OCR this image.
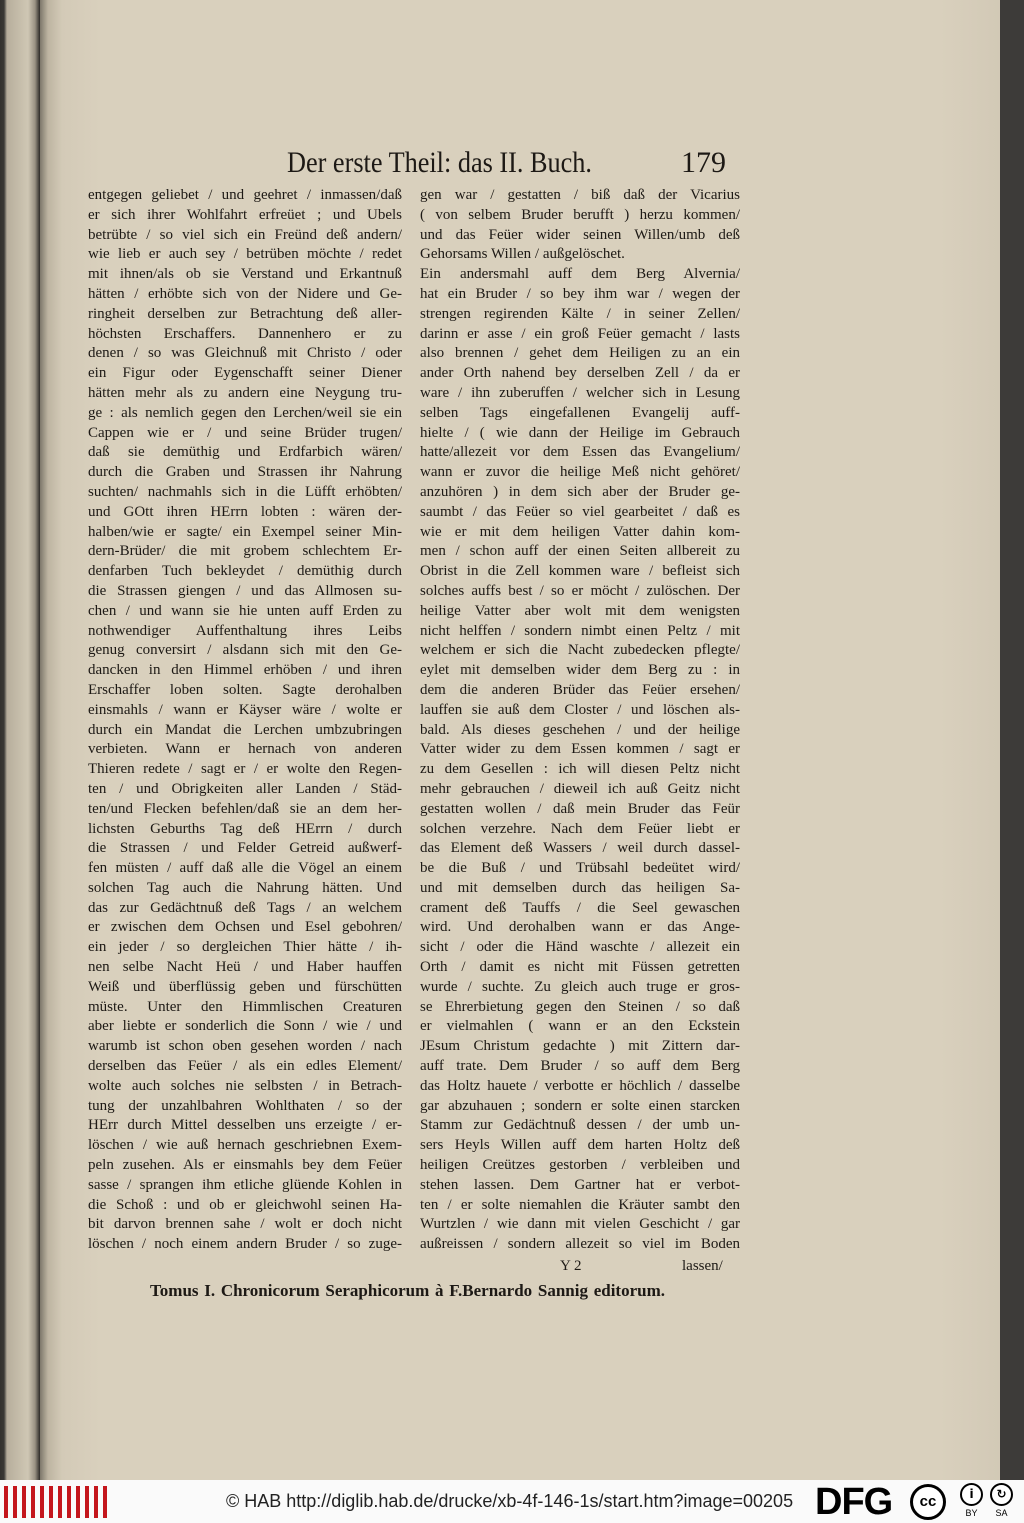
Der erste Theil: das II. Buch.	179
entgegen geliebet / und geehret / inmassen/daß
er sich ihrer Wohlfahrt erfreüet ; und Ubels
betrübte / so viel sich ein Freünd deß andern/
wie lieb er auch sey / betrüben möchte / redet
mit ihnen/als ob sie Verstand und Erkantnuß
hätten / erhöbte sich von der Nidere und Ge-
ringheit derselben zur Betrachtung deß aller-
höchsten Erschaffers. Dannenhero er zu
denen / so was Gleichnuß mit Christo / oder
ein Figur oder Eygenschafft seiner Diener
hätten mehr als zu andern eine Neygung tru-
ge : als nemlich gegen den Lerchen/weil sie ein
Cappen wie er / und seine Brüder trugen/
daß sie demüthig und Erdfarbich wären/
durch die Graben und Strassen ihr Nahrung
suchten/ nachmahls sich in die Lüfft erhöbten/
und GOtt ihren HErrn lobten : wären der-
halben/wie er sagte/ ein Exempel seiner Min-
dern-Brüder/ die mit grobem schlechtem Er-
denfarben Tuch bekleydet / demüthig durch
die Strassen giengen / und das Allmosen su-
chen / und wann sie hie unten auff Erden zu
nothwendiger Auffenthaltung ihres Leibs
genug conversirt / alsdann sich mit den Ge-
dancken in den Himmel erhöben / und ihren
Erschaffer loben solten. Sagte derohalben
einsmahls / wann er Käyser wäre / wolte er
durch ein Mandat die Lerchen umbzubringen
verbieten. Wann er hernach von anderen
Thieren redete / sagt er / er wolte den Regen-
ten / und Obrigkeiten aller Landen / Städ-
ten/und Flecken befehlen/daß sie an dem her-
lichsten Geburths Tag deß HErrn / durch
die Strassen / und Felder Getreid außwerf-
fen müsten / auff daß alle die Vögel an einem
solchen Tag auch die Nahrung hätten. Und
das zur Gedächtnuß deß Tags / an welchem
er zwischen dem Ochsen und Esel gebohren/
ein jeder / so dergleichen Thier hätte / ih-
nen selbe Nacht Heü / und Haber hauffen
Weiß und überflüssig geben und fürschütten
müste. Unter den Himmlischen Creaturen
aber liebte er sonderlich die Sonn / wie / und
warumb ist schon oben gesehen worden / nach
derselben das Feüer / als ein edles Element/
wolte auch solches nie selbsten / in Betrach-
tung der unzahlbahren Wohlthaten / so der
HErr durch Mittel desselben uns erzeigte / er-
löschen / wie auß hernach geschriebnen Exem-
peln zusehen. Als er einsmahls bey dem Feüer
sasse / sprangen ihm etliche glüende Kohlen in
die Schoß : und ob er gleichwohl seinen Ha-
bit darvon brennen sahe / wolt er doch nicht
löschen / noch einem andern Bruder / so zuge-
gen war / gestatten / biß daß der Vicarius
( von selbem Bruder berufft ) herzu kommen/
und das Feüer wider seinen Willen/umb deß
Gehorsams Willen / außgelöschet.
Ein andersmahl auff dem Berg Alvernia/
hat ein Bruder / so bey ihm war / wegen der
strengen regirenden Kälte / in seiner Zellen/
darinn er asse / ein groß Feüer gemacht / lasts
also brennen / gehet dem Heiligen zu an ein
ander Orth nahend bey derselben Zell / da er
ware / ihn zuberuffen / welcher sich in Lesung
selben Tags eingefallenen Evangelij auff-
hielte / ( wie dann der Heilige im Gebrauch
hatte/allezeit vor dem Essen das Evangelium/
wann er zuvor die heilige Meß nicht gehöret/
anzuhören ) in dem sich aber der Bruder ge-
saumbt / das Feüer so viel gearbeitet / daß es
wie er mit dem heiligen Vatter dahin kom-
men / schon auff der einen Seiten allbereit zu
Obrist in die Zell kommen ware / befleist sich
solches auffs best / so er möcht / zulöschen. Der
heilige Vatter aber wolt mit dem wenigsten
nicht helffen / sondern nimbt einen Peltz / mit
welchem er sich die Nacht zubedecken pflegte/
eylet mit demselben wider dem Berg zu : in
dem die anderen Brüder das Feüer ersehen/
lauffen sie auß dem Closter / und löschen als-
bald. Als dieses geschehen / und der heilige
Vatter wider zu dem Essen kommen / sagt er
zu dem Gesellen : ich will diesen Peltz nicht
mehr gebrauchen / dieweil ich auß Geitz nicht
gestatten wollen / daß mein Bruder das Feür
solchen verzehre. Nach dem Feüer liebt er
das Element deß Wassers / weil durch dassel-
be die Buß / und Trübsahl bedeütet wird/
und mit demselben durch das heiligen Sa-
crament deß Tauffs / die Seel gewaschen
wird. Und derohalben wann er das Ange-
sicht / oder die Händ waschte / allezeit ein
Orth / damit es nicht mit Füssen getretten
wurde / suchte. Zu gleich auch truge er gros-
se Ehrerbietung gegen den Steinen / so daß
er vielmahlen ( wann er an den Eckstein
JEsum Christum gedachte ) mit Zittern dar-
auff trate. Dem Bruder / so auff dem Berg
das Holtz hauete / verbotte er höchlich / dasselbe
gar abzuhauen ; sondern er solte einen starcken
Stamm zur Gedächtnuß dessen / der umb un-
sers Heyls Willen auff dem harten Holtz deß
heiligen Creützes gestorben / verbleiben und
stehen lassen. Dem Gartner hat er verbot-
ten / er solte niemahlen die Kräuter sambt den
Wurtzlen / wie dann mit vielen Geschicht / gar
außreissen / sondern allezeit so viel im Boden
Y 2	lassen/
Tomus I. Chronicorum Seraphicorum à F.Bernardo Sannig editorum.
© HAB http://diglib.hab.de/drucke/xb-4f-146-1s/start.htm?image=00205 DFG	cc	i	↻
BY	SA
